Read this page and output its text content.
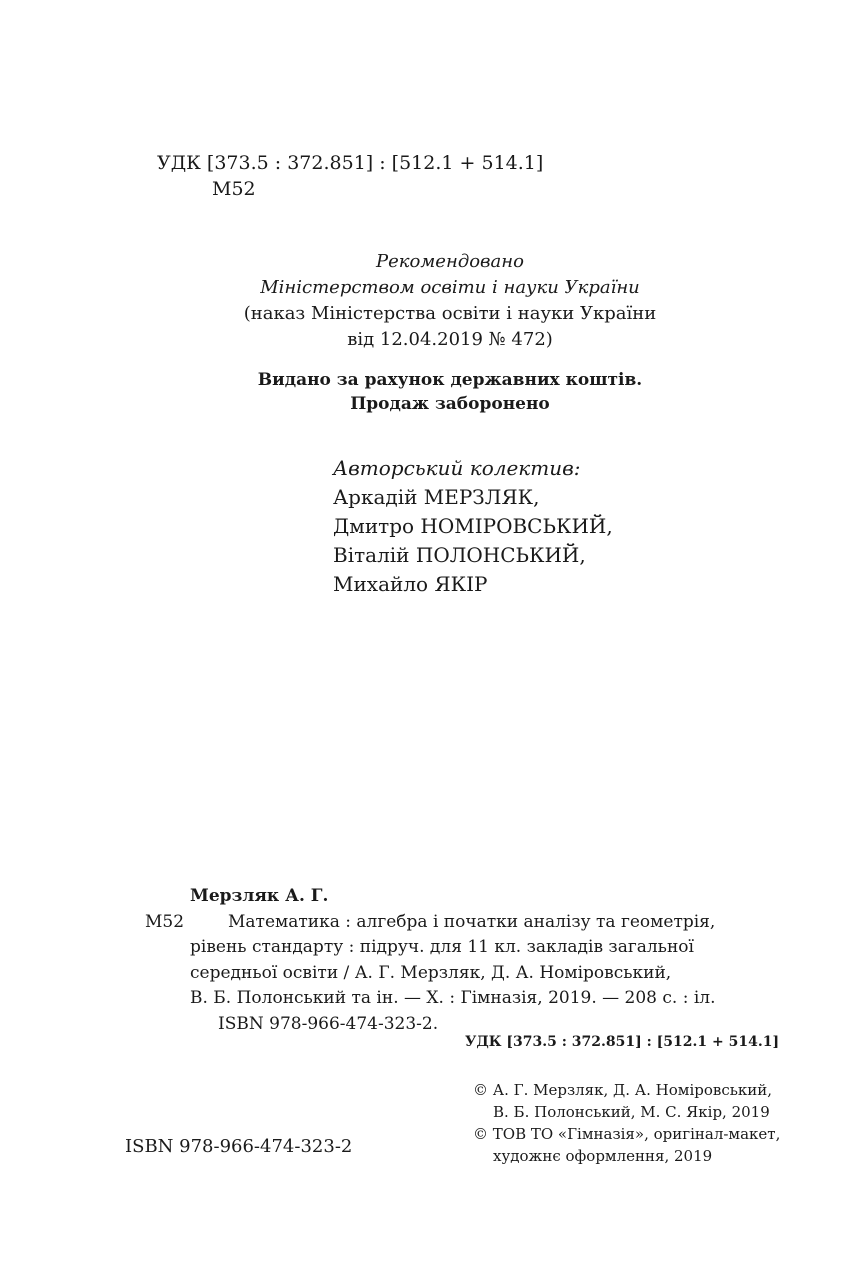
УДК [373.5 : 372.851] : [512.1 + 514.1]
М52
Рекомендовано
Міністерством освіти і науки України
(наказ Міністерства освіти і науки України
від 12.04.2019 № 472)
Видано за рахунок державних коштів.
Продаж заборонено
Авторський колектив:
Аркадій МЕРЗЛЯК,
Дмитро НОМІРОВСЬКИЙ,
Віталій ПОЛОНСЬКИЙ,
Михайло ЯКІР
Мерзляк А. Г.
М52	Математика : алгебра і початки аналізу та геометрія,
рівень стандарту : підруч. для 11 кл. закладів загальної
середньої освіти / А. Г. Мерзляк, Д. А. Номіровський,
В. Б. Полонський та ін. — Х. : Гімназія, 2019. — 208 с. : іл.
ISBN 978-966-474-323-2.
УДК [373.5 : 372.851] : [512.1 + 514.1]
© А. Г. Мерзляк, Д. А. Номіровський,
В. Б. Полонський, М. С. Якір, 2019
© ТОВ ТО «Гімназія», оригінал-макет,
художнє оформлення, 2019
ISBN 978-966-474-323-2
